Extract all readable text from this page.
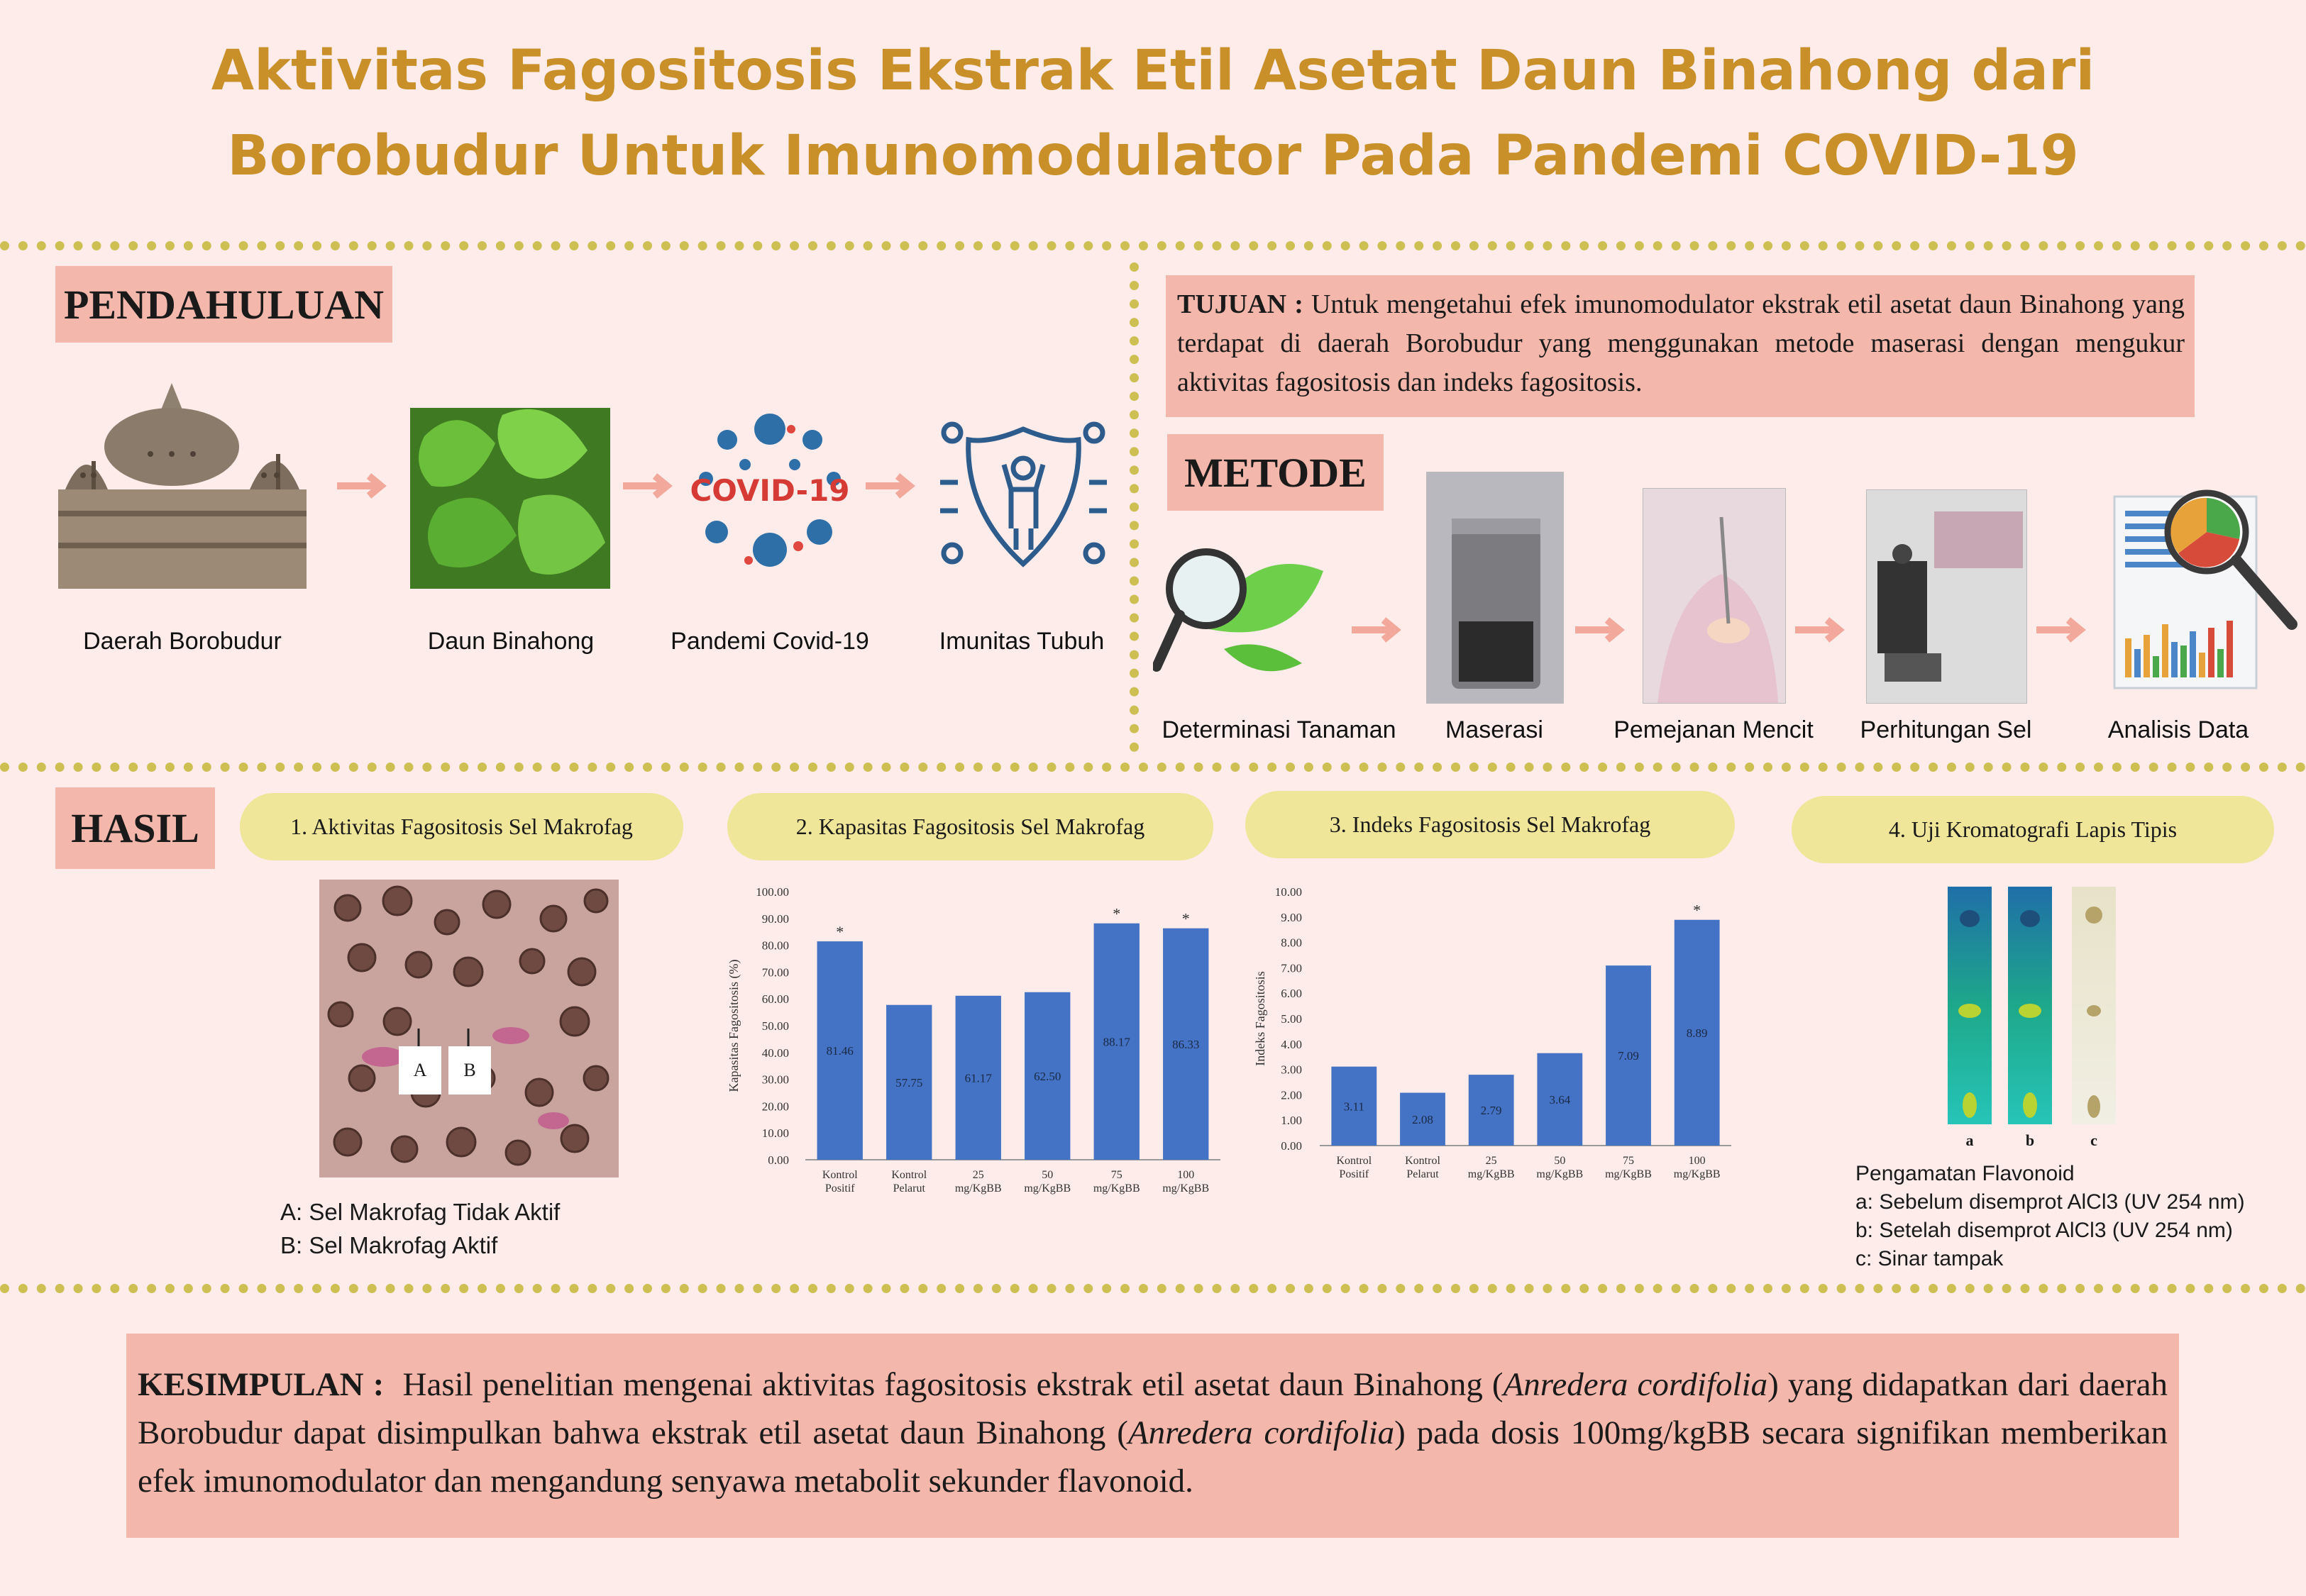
Aktivitas Fagositosis Ekstrak Etil Asetat Daun Binahong dari
Borobudur Untuk Imunomodulator Pada Pandemi COVID-19
PENDAHULUAN
Daerah Borobudur	Daun Binahong
COVID-19
Pandemi Covid-19	Imunitas Tubuh
TUJUAN : Untuk mengetahui efek imunomodulator ekstrak etil asetat daun Binahong yang terdapat di daerah Borobudur yang menggunakan metode maserasi dengan mengukur aktivitas fagositosis dan indeks fagositosis.
METODE
Determinasi Tanaman	Maserasi	Pemejanan Mencit	Perhitungan Sel	Analisis Data
HASIL	1. Aktivitas Fagositosis Sel Makrofag	2. Kapasitas Fagositosis Sel Makrofag	3. Indeks Fagositosis Sel Makrofag	4. Uji Kromatografi Lapis Tipis
A	B
A: Sel Makrofag Tidak Aktif
B: Sel Makrofag Aktif
0.00
10.00
20.00
30.00
40.00
50.00
60.00
70.00
80.00
90.00
100.00
Kapasitas Fagositosis (%)	81.46
*
Kontrol Positif
57.75
Kontrol Pelarut
61.17
25 mg/KgBB
62.50
50 mg/KgBB
88.17
*
75 mg/KgBB
86.33
*
100 mg/KgBB
0.00
1.00
2.00
3.00
4.00
5.00
6.00
7.00
8.00
9.00
10.00
Indeks Fagositosis
3.11
Kontrol Positif
2.08
Kontrol Pelarut
2.79
25 mg/KgBB
3.64
50 mg/KgBB
7.09
75 mg/KgBB
8.89
*
100 mg/KgBB
a	b	c
Pengamatan Flavonoid
a: Sebelum disemprot AlCl3 (UV 254 nm)
b: Setelah disemprot AlCl3 (UV 254 nm)
c: Sinar tampak
KESIMPULAN : Hasil penelitian mengenai aktivitas fagositosis ekstrak etil asetat daun Binahong (Anredera cordifolia) yang didapatkan dari daerah Borobudur dapat disimpulkan bahwa ekstrak etil asetat daun Binahong (Anredera cordifolia) pada dosis 100mg/kgBB secara signifikan memberikan efek imunomodulator dan mengandung senyawa metabolit sekunder flavonoid.
